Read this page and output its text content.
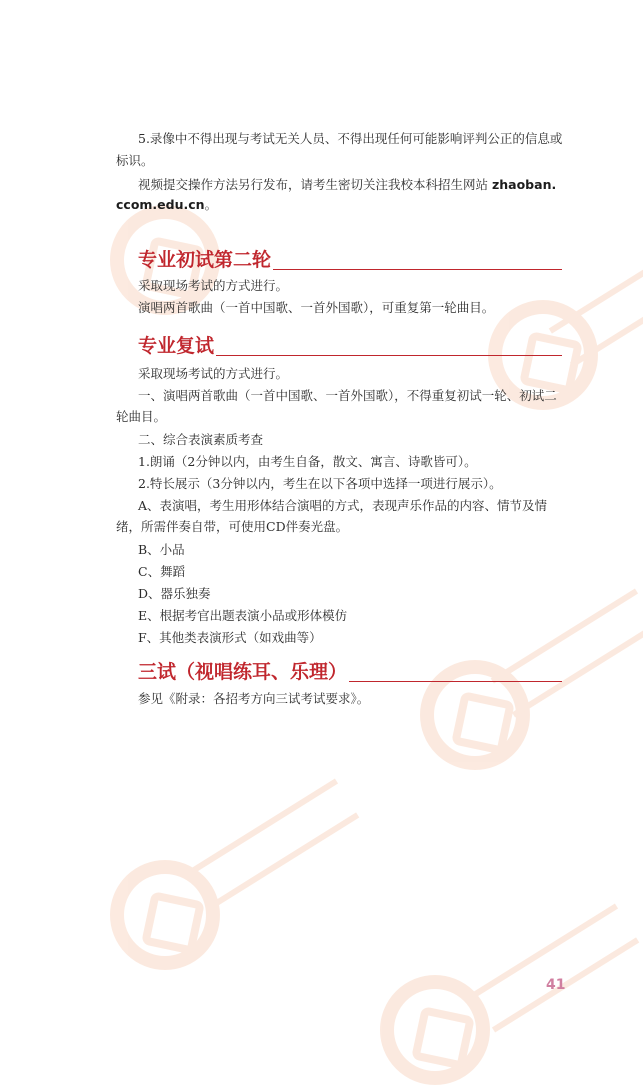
5.录像中不得出现与考试无关人员、不得出现任何可能影响评判公正的信息或

标识。

视频提交操作方法另行发布，请考生密切关注我校本科招生网站 zhaoban.

ccom.edu.cn。

专业初试第二轮

采取现场考试的方式进行。

演唱两首歌曲（一首中国歌、一首外国歌），可重复第一轮曲目。

专业复试

采取现场考试的方式进行。

一、演唱两首歌曲（一首中国歌、一首外国歌），不得重复初试一轮、初试二

轮曲目。

二、综合表演素质考查

1.朗诵（2分钟以内，由考生自备，散文、寓言、诗歌皆可）。

2.特长展示（3分钟以内，考生在以下各项中选择一项进行展示）。

A、表演唱，考生用形体结合演唱的方式，表现声乐作品的内容、情节及情

绪，所需伴奏自带，可使用CD伴奏光盘。

B、小品

C、舞蹈

D、器乐独奏

E、根据考官出题表演小品或形体模仿

F、其他类表演形式（如戏曲等）

三试（视唱练耳、乐理）

参见《附录：各招考方向三试考试要求》。

41
